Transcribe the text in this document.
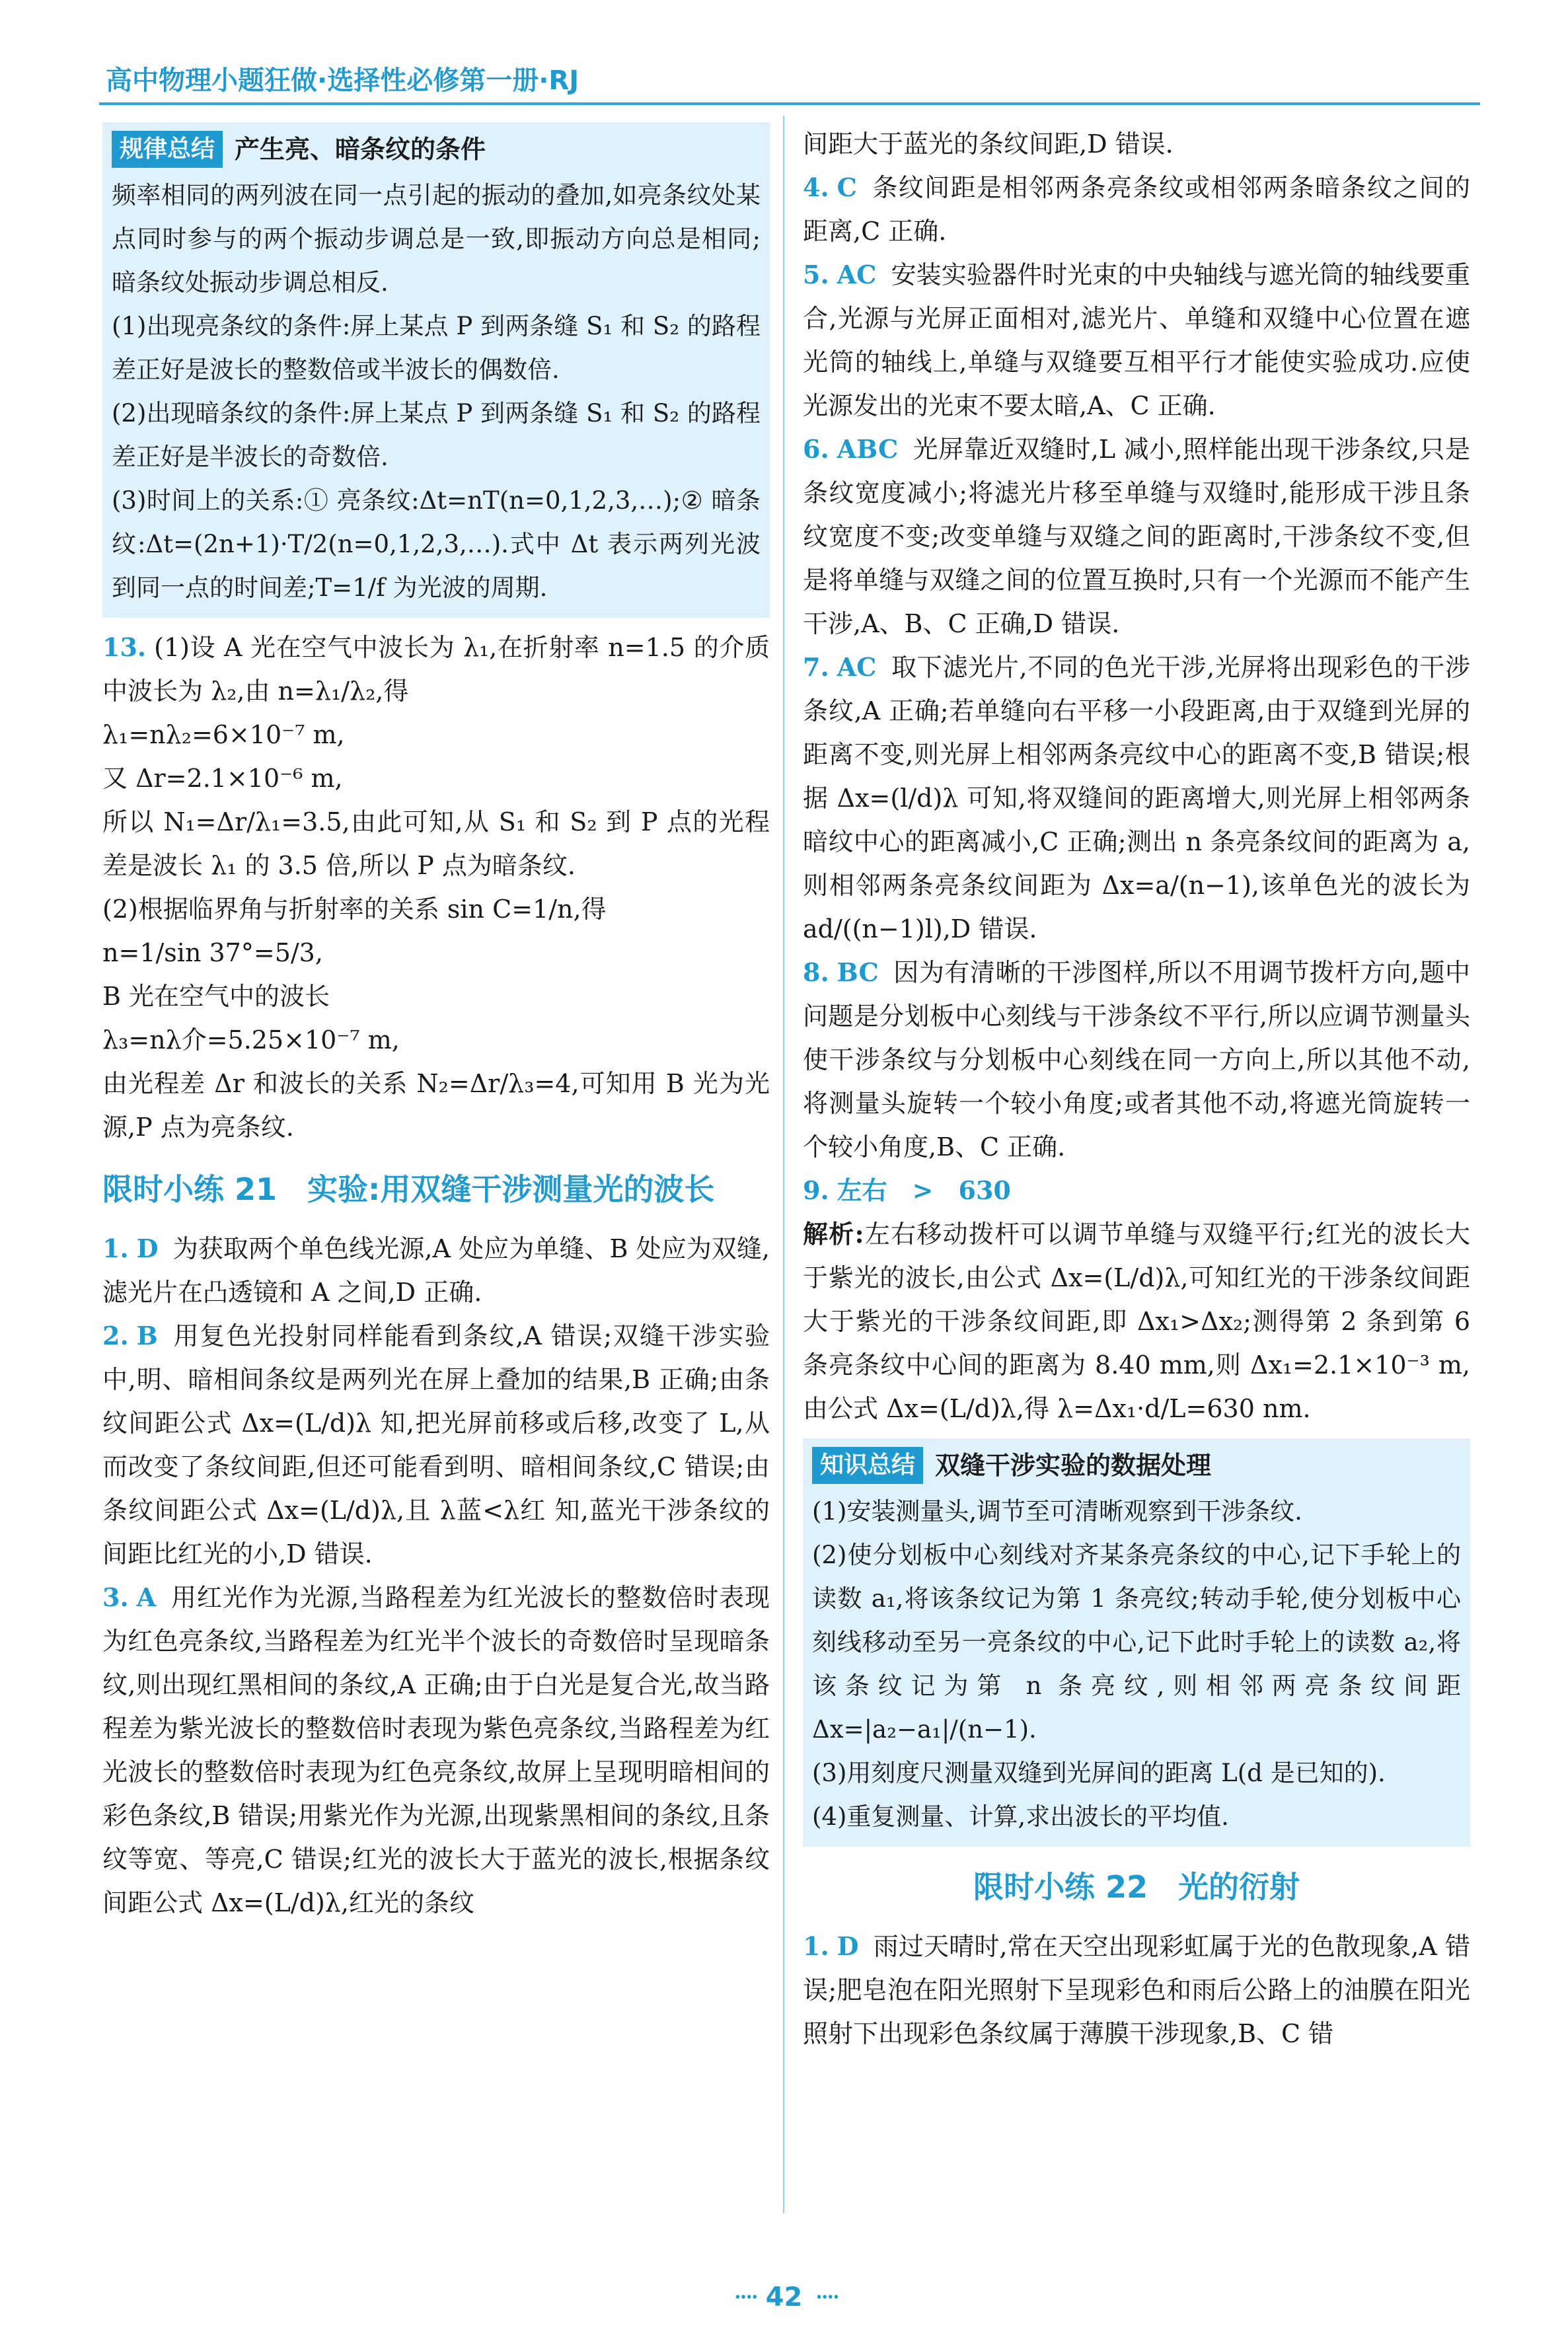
高中物理小题狂做·选择性必修第一册·RJ
规律总结 产生亮、暗条纹的条件

频率相同的两列波在同一点引起的振动的叠加,如亮条纹处某点同时参与的两个振动步调总是一致,即振动方向总是相同;暗条纹处振动步调总相反.

(1)出现亮条纹的条件:屏上某点 P 到两条缝 S₁ 和 S₂ 的路程差正好是波长的整数倍或半波长的偶数倍.

(2)出现暗条纹的条件:屏上某点 P 到两条缝 S₁ 和 S₂ 的路程差正好是半波长的奇数倍.

(3)时间上的关系:① 亮条纹:Δt=nT(n=0,1,2,3,…);② 暗条纹:Δt=(2n+1)·T/2(n=0,1,2,3,…).式中 Δt 表示两列光波到同一点的时间差;T=1/f 为光波的周期.

13. (1)设 A 光在空气中波长为 λ₁,在折射率 n=1.5 的介质中波长为 λ₂,由 n=λ₁/λ₂,得

λ₁=nλ₂=6×10⁻⁷ m,

又 Δr=2.1×10⁻⁶ m,

所以 N₁=Δr/λ₁=3.5,由此可知,从 S₁ 和 S₂ 到 P 点的光程差是波长 λ₁ 的 3.5 倍,所以 P 点为暗条纹.

(2)根据临界角与折射率的关系 sin C=1/n,得

n=1/sin 37°=5/3,

B 光在空气中的波长

λ₃=nλ介=5.25×10⁻⁷ m,

由光程差 Δr 和波长的关系 N₂=Δr/λ₃=4,可知用 B 光为光源,P 点为亮条纹.

限时小练 21　实验:用双缝干涉测量光的波长

1. D 为获取两个单色线光源,A 处应为单缝、B 处应为双缝,滤光片在凸透镜和 A 之间,D 正确.

2. B 用复色光投射同样能看到条纹,A 错误;双缝干涉实验中,明、暗相间条纹是两列光在屏上叠加的结果,B 正确;由条纹间距公式 Δx=(L/d)λ 知,把光屏前移或后移,改变了 L,从而改变了条纹间距,但还可能看到明、暗相间条纹,C 错误;由条纹间距公式 Δx=(L/d)λ,且 λ蓝<λ红 知,蓝光干涉条纹的间距比红光的小,D 错误.

3. A 用红光作为光源,当路程差为红光波长的整数倍时表现为红色亮条纹,当路程差为红光半个波长的奇数倍时呈现暗条纹,则出现红黑相间的条纹,A 正确;由于白光是复合光,故当路程差为紫光波长的整数倍时表现为紫色亮条纹,当路程差为红光波长的整数倍时表现为红色亮条纹,故屏上呈现明暗相间的彩色条纹,B 错误;用紫光作为光源,出现紫黑相间的条纹,且条纹等宽、等亮,C 错误;红光的波长大于蓝光的波长,根据条纹间距公式 Δx=(L/d)λ,红光的条纹

间距大于蓝光的条纹间距,D 错误.

4. C 条纹间距是相邻两条亮条纹或相邻两条暗条纹之间的距离,C 正确.

5. AC 安装实验器件时光束的中央轴线与遮光筒的轴线要重合,光源与光屏正面相对,滤光片、单缝和双缝中心位置在遮光筒的轴线上,单缝与双缝要互相平行才能使实验成功.应使光源发出的光束不要太暗,A、C 正确.

6. ABC 光屏靠近双缝时,L 减小,照样能出现干涉条纹,只是条纹宽度减小;将滤光片移至单缝与双缝时,能形成干涉且条纹宽度不变;改变单缝与双缝之间的距离时,干涉条纹不变,但是将单缝与双缝之间的位置互换时,只有一个光源而不能产生干涉,A、B、C 正确,D 错误.

7. AC 取下滤光片,不同的色光干涉,光屏将出现彩色的干涉条纹,A 正确;若单缝向右平移一小段距离,由于双缝到光屏的距离不变,则光屏上相邻两条亮纹中心的距离不变,B 错误;根据 Δx=(l/d)λ 可知,将双缝间的距离增大,则光屏上相邻两条暗纹中心的距离减小,C 正确;测出 n 条亮条纹间的距离为 a,则相邻两条亮条纹间距为 Δx=a/(n−1),该单色光的波长为 ad/((n−1)l),D 错误.

8. BC 因为有清晰的干涉图样,所以不用调节拨杆方向,题中问题是分划板中心刻线与干涉条纹不平行,所以应调节测量头使干涉条纹与分划板中心刻线在同一方向上,所以其他不动,将测量头旋转一个较小角度;或者其他不动,将遮光筒旋转一个较小角度,B、C 正确.

9. 左右　>　630

解析:左右移动拨杆可以调节单缝与双缝平行;红光的波长大于紫光的波长,由公式 Δx=(L/d)λ,可知红光的干涉条纹间距大于紫光的干涉条纹间距,即 Δx₁>Δx₂;测得第 2 条到第 6 条亮条纹中心间的距离为 8.40 mm,则 Δx₁=2.1×10⁻³ m,由公式 Δx=(L/d)λ,得 λ=Δx₁·d/L=630 nm.

知识总结 双缝干涉实验的数据处理

(1)安装测量头,调节至可清晰观察到干涉条纹.

(2)使分划板中心刻线对齐某条亮条纹的中心,记下手轮上的读数 a₁,将该条纹记为第 1 条亮纹;转动手轮,使分划板中心刻线移动至另一亮条纹的中心,记下此时手轮上的读数 a₂,将该条纹记为第 n 条亮纹,则相邻两亮条纹间距 Δx=|a₂−a₁|/(n−1).

(3)用刻度尺测量双缝到光屏间的距离 L(d 是已知的).

(4)重复测量、计算,求出波长的平均值.

限时小练 22　光的衍射

1. D 雨过天晴时,常在天空出现彩虹属于光的色散现象,A 错误;肥皂泡在阳光照射下呈现彩色和雨后公路上的油膜在阳光照射下出现彩色条纹属于薄膜干涉现象,B、C 错

᠁ 42 ᠁
